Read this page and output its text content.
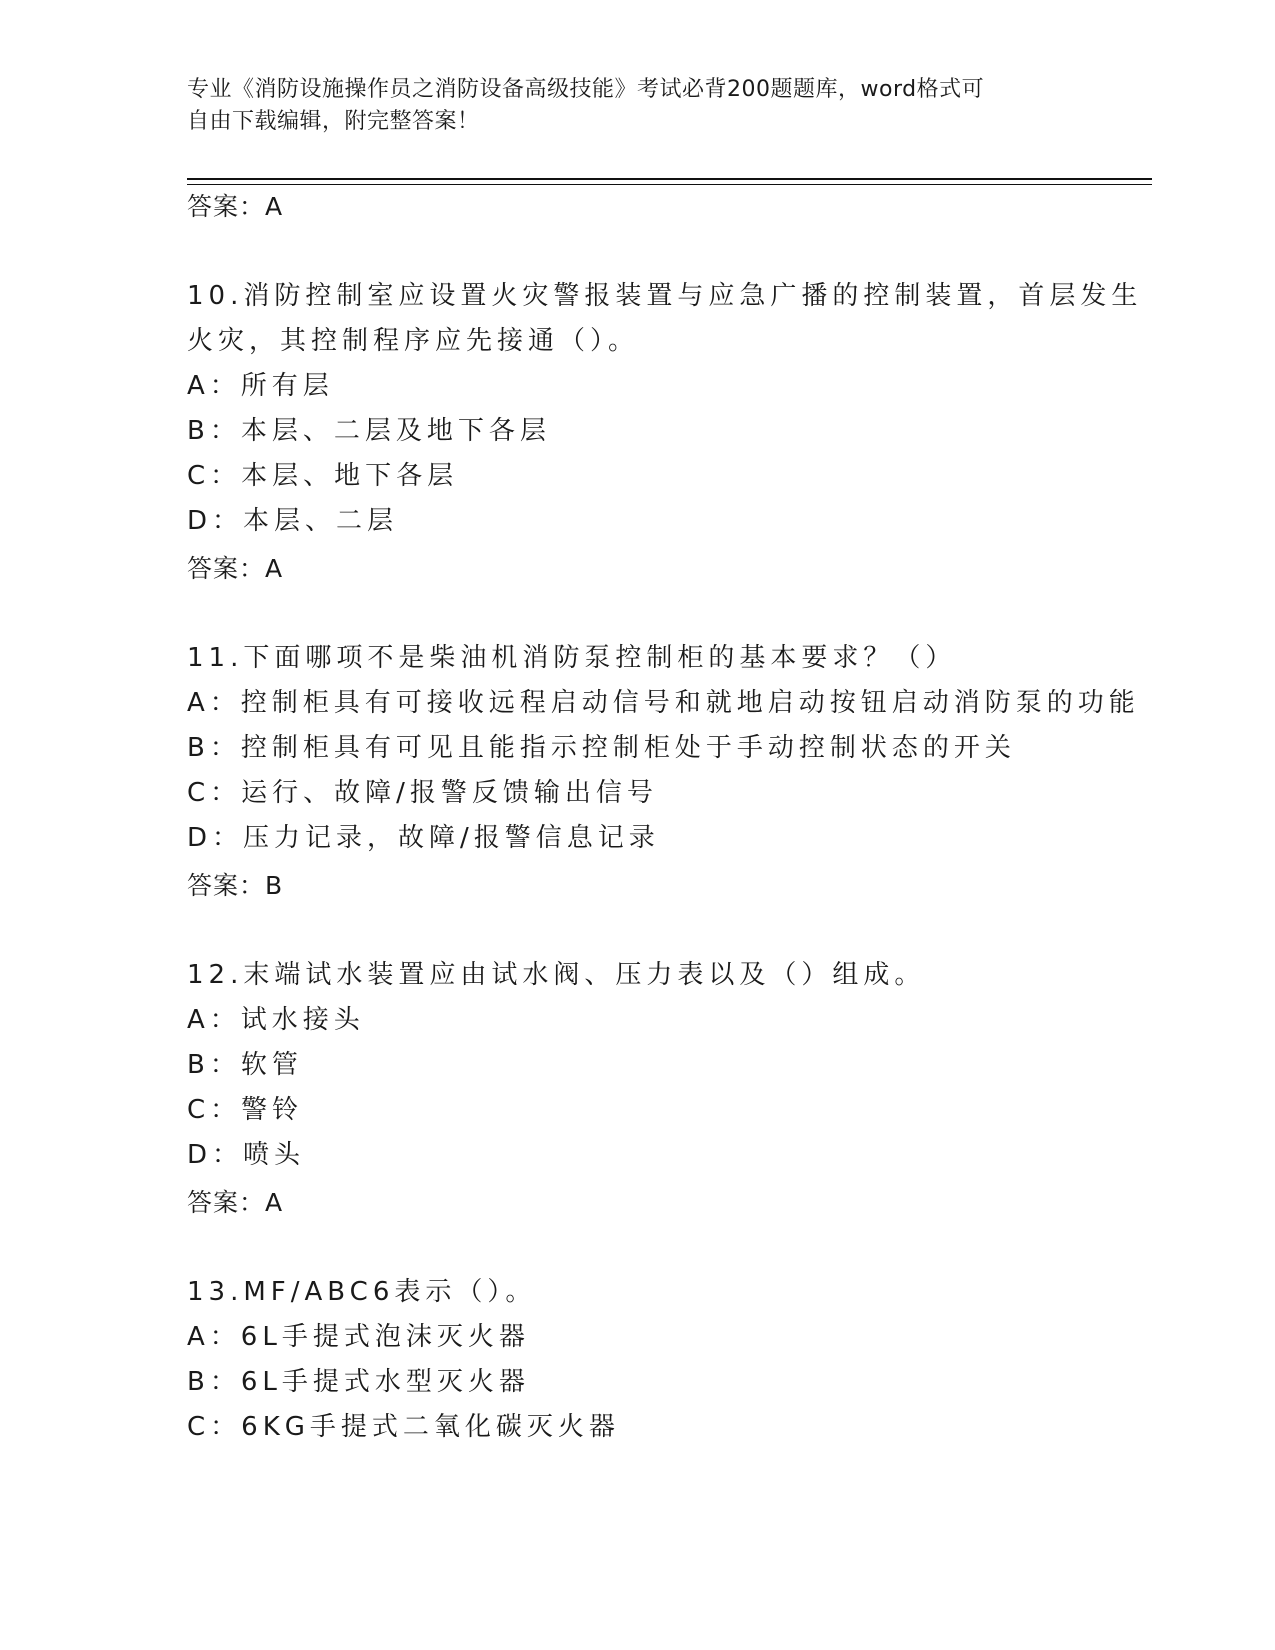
专业《消防设施操作员之消防设备高级技能》考试必背200题题库，word格式可
自由下载编辑，附完整答案！
答案：A
10.消防控制室应设置火灾警报装置与应急广播的控制装置，首层发生
火灾，其控制程序应先接通（）。
A：所有层
B：本层、二层及地下各层
C：本层、地下各层
D：本层、二层
答案：A
11.下面哪项不是柴油机消防泵控制柜的基本要求？（）
A：控制柜具有可接收远程启动信号和就地启动按钮启动消防泵的功能
B：控制柜具有可见且能指示控制柜处于手动控制状态的开关
C：运行、故障/报警反馈输出信号
D：压力记录，故障/报警信息记录
答案：B
12.末端试水装置应由试水阀、压力表以及（）组成。
A：试水接头
B：软管
C：警铃
D：喷头
答案：A
13.MF/ABC6表示（）。
A：6L手提式泡沫灭火器
B：6L手提式水型灭火器
C：6KG手提式二氧化碳灭火器
